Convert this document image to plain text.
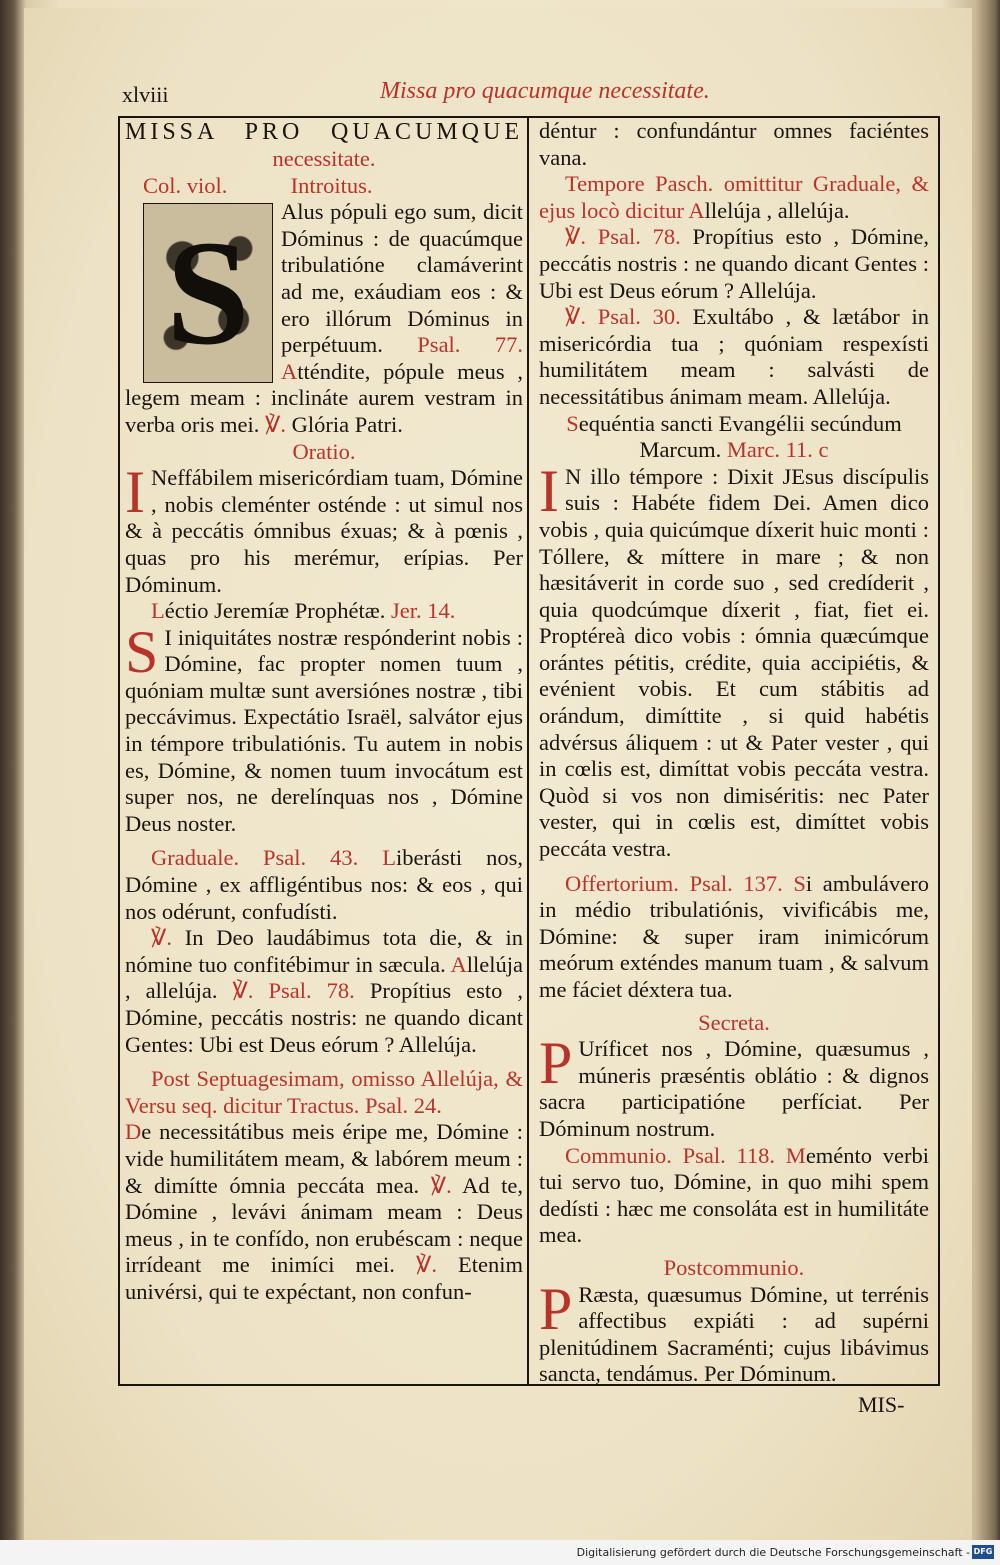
xlviii	Missa pro quacumque necessitate.

MISSA PRO QUACUMQUE

necessitate.

Col. viol.	Introitus.

S	Alus pópuli ego sum, dicit Dóminus : de quacúmque tribulatióne clamáverint ad me, exáudiam eos : & ero illórum Dóminus in perpétuum. Psal. 77. Atténdite, pópule meus , legem meam : inclináte aurem vestram in verba oris mei. ℣. Glória Patri.

Oratio.

I Neffábilem misericórdiam tuam, Dómine , nobis cleménter osténde : ut simul nos & à peccátis ómnibus éxuas; & à pœnis , quas pro his merémur, erípias. Per Dóminum.

Léctio Jeremíæ Prophétæ. Jer. 14.

S I iniquitátes nostræ respónderint nobis : Dómine, fac propter nomen tuum , quóniam multæ sunt aversiónes nostræ , tibi peccávimus. Expectátio Israël, salvátor ejus in témpore tribulatiónis. Tu autem in nobis es, Dómine, & nomen tuum invocátum est super nos, ne derelínquas nos , Dómine Deus noster.

Graduale. Psal. 43. Liberásti nos, Dómine , ex affligéntibus nos: & eos , qui nos odérunt, confudísti.

℣. In Deo laudábimus tota die, & in nómine tuo confitébimur in sæcula. Allelúja , allelúja. ℣. Psal. 78. Propítius esto , Dómine, peccátis nostris: ne quando dicant Gentes: Ubi est Deus eórum ? Allelúja.

Post Septuagesimam, omisso Allelúja, & Versu seq. dicitur Tractus. Psal. 24.

De necessitátibus meis éripe me, Dómine : vide humilitátem meam, & labórem meum : & dimítte ómnia peccáta mea. ℣. Ad te, Dómine , levávi ánimam meam : Deus meus , in te confído, non erubéscam : neque irrídeant me inimíci mei. ℣. Etenim univérsi, qui te expéctant, non confun-

déntur : confundántur omnes faciéntes vana.

Tempore Pasch. omittitur Graduale, & ejus locò dicitur Allelúja , allelúja.

℣. Psal. 78. Propítius esto , Dómine, peccátis nostris : ne quando dicant Gentes : Ubi est Deus eórum ? Allelúja.

℣. Psal. 30. Exultábo , & lætábor in misericórdia tua ; quóniam respexísti humilitátem meam : salvásti de necessitátibus ánimam meam. Allelúja.

Sequéntia sancti Evangélii secúndum Marcum. Marc. 11. c

I N illo témpore : Dixit JEsus discípulis suis : Habéte fidem Dei. Amen dico vobis , quia quicúmque díxerit huic monti : Tóllere, & míttere in mare ; & non hæsitáverit in corde suo , sed credíderit , quia quodcúmque díxerit , fiat, fiet ei. Proptéreà dico vobis : ómnia quæcúmque orántes pétitis, crédite, quia accipiétis, & evénient vobis. Et cum stábitis ad orándum, dimíttite , si quid habétis advérsus áliquem : ut & Pater vester , qui in cœlis est, dimíttat vobis peccáta vestra. Quòd si vos non dimiséritis: nec Pater vester, qui in cœlis est, dimíttet vobis peccáta vestra.

Offertorium. Psal. 137. Si ambulávero in médio tribulatiónis, vivificábis me, Dómine: & super iram inimicórum meórum exténdes manum tuam , & salvum me fáciet déxtera tua.

Secreta.

P Uríficet nos , Dómine, quæsumus , múneris præséntis oblátio : & dignos sacra participatióne perfíciat. Per Dóminum nostrum.

Communio. Psal. 118. Meménto verbi tui servo tuo, Dómine, in quo mihi spem dedísti : hæc me consoláta est in humilitáte mea.

Postcommunio.

P Ræsta, quæsumus Dómine, ut terrénis affectibus expiáti : ad supérni plenitúdinem Sacraménti; cujus libávimus sancta, tendámus. Per Dóminum.

MIS-
Digitalisierung gefördert durch die Deutsche Forschungsgemeinschaft - DFG
